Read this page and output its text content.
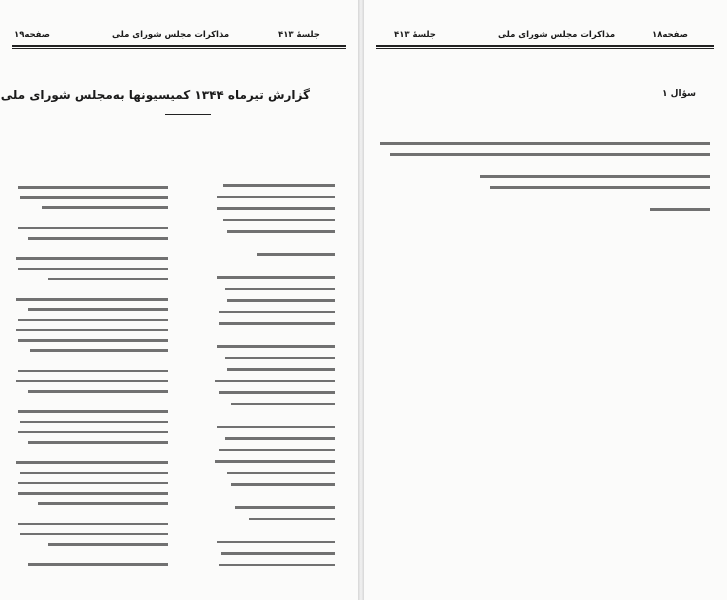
صفحه۱۹	مذاکرات مجلس شورای ملی	جلسهٔ ۴۱۳
گزارش تیرماه ۱۳۴۴ کمیسیونها به‌مجلس شورای ملی
صفحه۱۸
مذاکرات مجلس شورای ملی
جلسهٔ ۴۱۳
سؤال ۱
